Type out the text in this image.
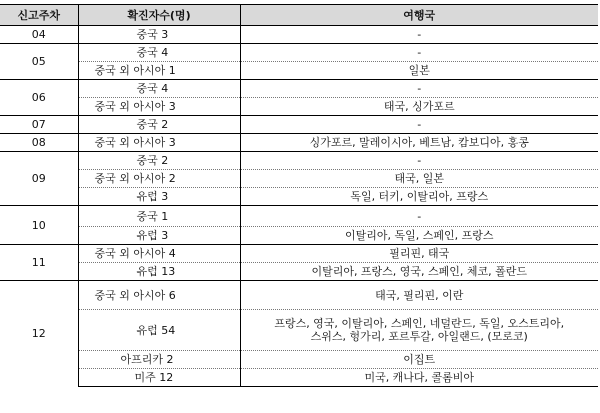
신고주차	확진자수(명)	여행국
04	중국 3	-
05	중국 4	-
	중국 외 아시아 1	일본
06	중국 4	-
	중국 외 아시아 3	태국, 싱가포르
07	중국 2	-
08	중국 외 아시아 3	싱가포르, 말레이시아, 베트남, 캄보디아, 홍콩
09	중국 2	-
	중국 외 아시아 2	태국, 일본
	유럽 3	독일, 터키, 이탈리아, 프랑스
10	중국 1	-
	유럽 3	이탈리아, 독일, 스페인, 프랑스
11	중국 외 아시아 4	필리핀, 태국
	유럽 13	이탈리아, 프랑스, 영국, 스페인, 체코, 폴란드
12	중국 외 아시아 6	태국, 필리핀, 이란
	유럽 54	프랑스, 영국, 이탈리아, 스페인, 네덜란드, 독일, 오스트리아,
스위스, 헝가리, 포르투갈, 아일랜드, (모로코)

	아프리카 2	이집트
	미주 12	미국, 캐나다, 콜롬비아
